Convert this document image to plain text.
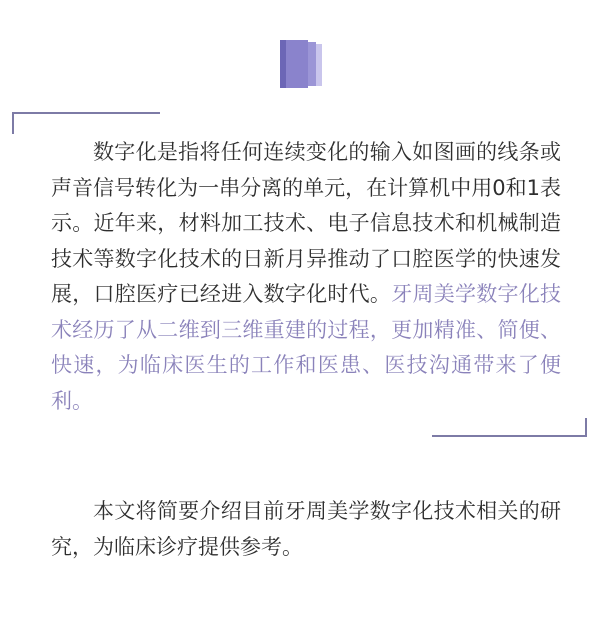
数字化是指将任何连续变化的输入如图画的线条或声音信号转化为一串分离的单元，在计算机中用0和1表示。近年来，材料加工技术、电子信息技术和机械制造技术等数字化技术的日新月异推动了口腔医学的快速发展，口腔医疗已经进入数字化时代。牙周美学数字化技术经历了从二维到三维重建的过程，更加精准、简便、快速，为临床医生的工作和医患、医技沟通带来了便利。

本文将简要介绍目前牙周美学数字化技术相关的研究，为临床诊疗提供参考。
